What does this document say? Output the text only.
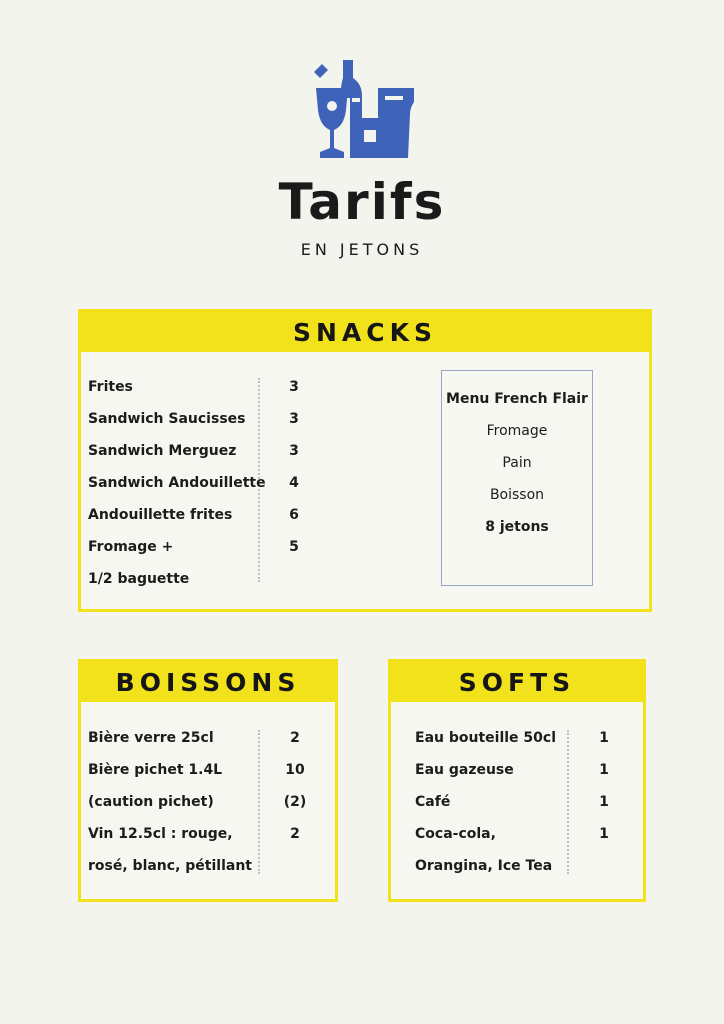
Tarifs
EN JETONS
SNACKS
Frites	3
Sandwich Saucisses	3
Sandwich Merguez	3
Sandwich Andouillette	4
Andouillette frites	6
Fromage +	5
1/2 baguette
Menu French Flair
Fromage
Pain
Boisson
8 jetons
BOISSONS
Bière verre 25cl	2
Bière pichet 1.4L	10
(caution pichet)	(2)
Vin 12.5cl : rouge,	2
rosé, blanc, pétillant
SOFTS
Eau bouteille 50cl	1
Eau gazeuse	1
Café	1
Coca-cola,	1
Orangina, Ice Tea
